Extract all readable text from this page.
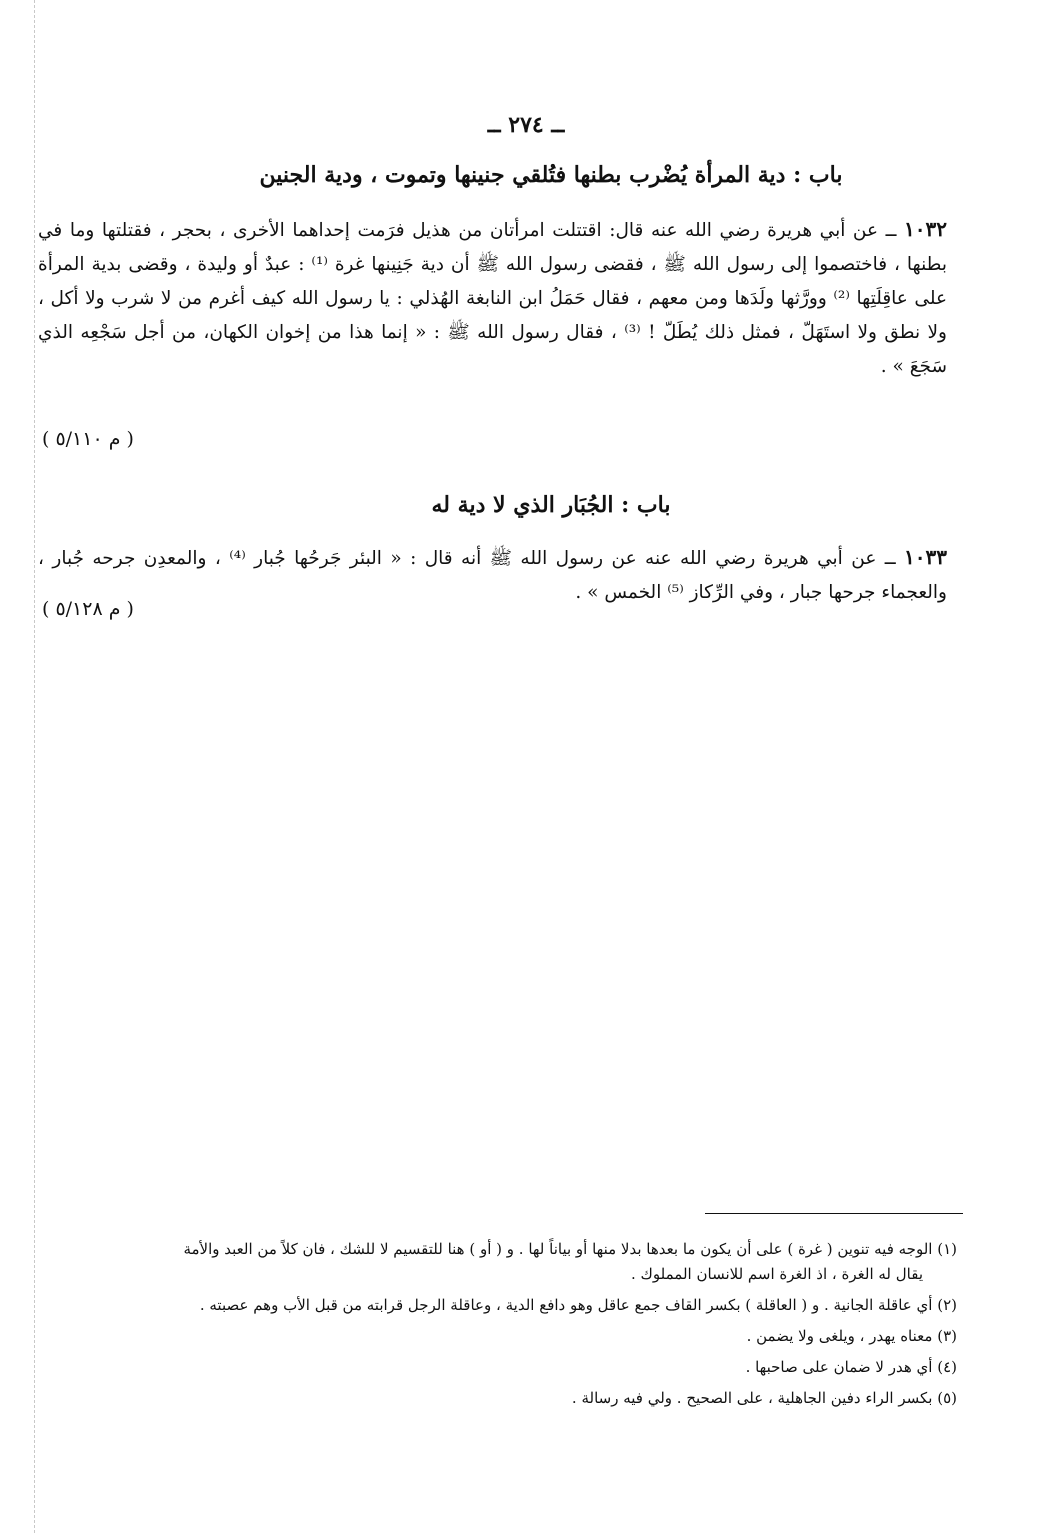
ــ ٢٧٤ ــ
باب : دية المرأة يُضْرب بطنها فتُلقي جنينها وتموت ، ودية الجنين
١٠٣٢ ــ عن أبي هريرة رضي الله عنه قال: اقتتلت امرأتان من هذيل فرَمت إحداهما الأخرى ، بحجر ، فقتلتها وما في بطنها ، فاختصموا إلى رسول الله ﷺ ، فقضى رسول الله ﷺ أن دية جَنِينها غرة ⁽¹⁾ : عبدٌ أو وليدة ، وقضى بدية المرأة على عاقِلَتِها ⁽²⁾ وورَّثها ولَدَها ومن معهم ، فقال حَمَلُ ابن النابغة الهُذلي : يا رسول الله كيف أغرم من لا شرب ولا أكل ، ولا نطق ولا استَهَلّ ، فمثل ذلك يُطَلّ ! ⁽³⁾ ، فقال رسول الله ﷺ : « إنما هذا من إخوان الكهان، من أجل سَجْعِه الذي سَجَعَ » .
( م ٥/١١٠ )
باب : الجُبَار الذي لا دية له
١٠٣٣ ــ عن أبي هريرة رضي الله عنه عن رسول الله ﷺ أنه قال : « البئر جَرحُها جُبار ⁽⁴⁾ ، والمعدِن جرحه جُبار ، والعجماء جرحها جبار ، وفي الرِّكاز ⁽⁵⁾ الخمس » .
( م ٥/١٢٨ )
(١) الوجه فيه تنوين ( غرة ) على أن يكون ما بعدها بدلا منها أو بياناً لها . و ( أو ) هنا للتقسيم لا للشك ، فان كلاً من العبد والأمة
يقال له الغرة ، اذ الغرة اسم للانسان المملوك .
(٢) أي عاقلة الجانية . و ( العاقلة ) بكسر القاف جمع عاقل وهو دافع الدية ، وعاقلة الرجل قرابته من قبل الأب وهم عصبته .
(٣) معناه يهدر ، ويلغى ولا يضمن .
(٤) أي هدر لا ضمان على صاحبها .
(٥) بكسر الراء دفين الجاهلية ، على الصحيح . ولي فيه رسالة .
